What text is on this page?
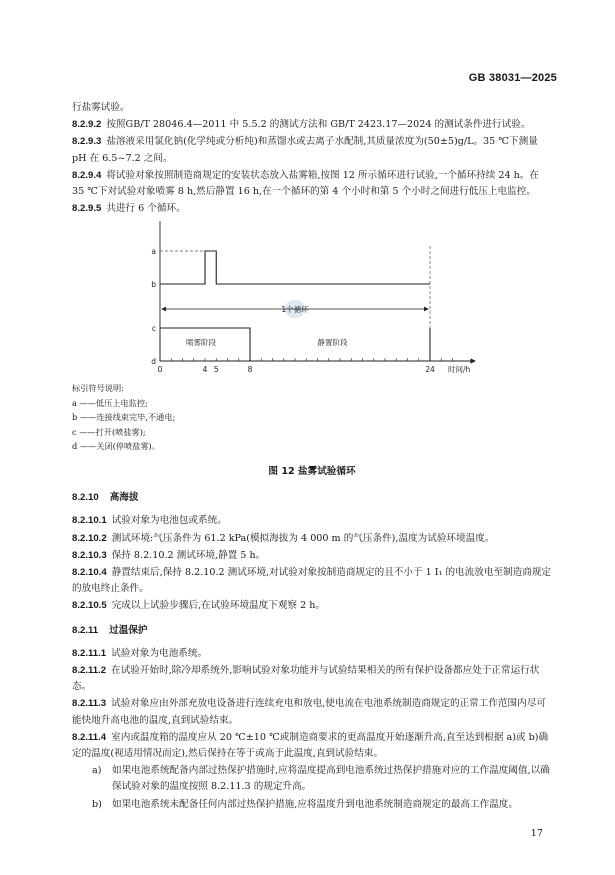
GB 38031—2025

行盐雾试验。

8.2.9.2 按照GB/T 28046.4—2011 中 5.5.2 的测试方法和 GB/T 2423.17—2024 的测试条件进行试验。

8.2.9.3 盐溶液采用氯化钠(化学纯或分析纯)和蒸馏水或去离子水配制,其质量浓度为(50±5)g/L。35 ℃下测量 pH 在 6.5~7.2 之间。

8.2.9.4 将试验对象按照制造商规定的安装状态放入盐雾箱,按图 12 所示循环进行试验,一个循环持续 24 h。在 35 ℃下对试验对象喷雾 8 h,然后静置 16 h,在一个循环的第 4 个小时和第 5 个小时之间进行低压上电监控。

8.2.9.5 共进行 6 个循环。

0	4 5	8	24
1个循环
喷雾阶段	静置阶段
时间/h
a
b
c
d
标引符号说明:
a ——低压上电监控;
b ——连接线束完毕,不通电;
c ——打开(喷盐雾);
d ——关闭(停喷盐雾)。
图 12 盐雾试验循环
8.2.10 高海拔

8.2.10.1 试验对象为电池包或系统。

8.2.10.2 测试环境:气压条件为 61.2 kPa(模拟海拔为 4 000 m 的气压条件),温度为试验环境温度。

8.2.10.3 保持 8.2.10.2 测试环境,静置 5 h。

8.2.10.4 静置结束后,保持 8.2.10.2 测试环境,对试验对象按制造商规定的且不小于 1 I₁ 的电流放电至制造商规定的放电终止条件。

8.2.10.5 完成以上试验步骤后,在试验环境温度下观察 2 h。

8.2.11 过温保护

8.2.11.1 试验对象为电池系统。

8.2.11.2 在试验开始时,除冷却系统外,影响试验对象功能并与试验结果相关的所有保护设备都应处于正常运行状态。

8.2.11.3 试验对象应由外部充放电设备进行连续充电和放电,使电流在电池系统制造商规定的正常工作范围内尽可能快地升高电池的温度,直到试验结束。

8.2.11.4 室内或温度箱的温度应从 20 ℃±10 ℃或制造商要求的更高温度开始逐渐升高,直至达到根据 a)或 b)确定的温度(视适用情况而定),然后保持在等于或高于此温度,直到试验结束。

a) 如果电池系统配备内部过热保护措施时,应将温度提高到电池系统过热保护措施对应的工作温度阈值,以确保试验对象的温度按照 8.2.11.3 的规定升高。

b) 如果电池系统未配备任何内部过热保护措施,应将温度升到电池系统制造商规定的最高工作温度。

17
